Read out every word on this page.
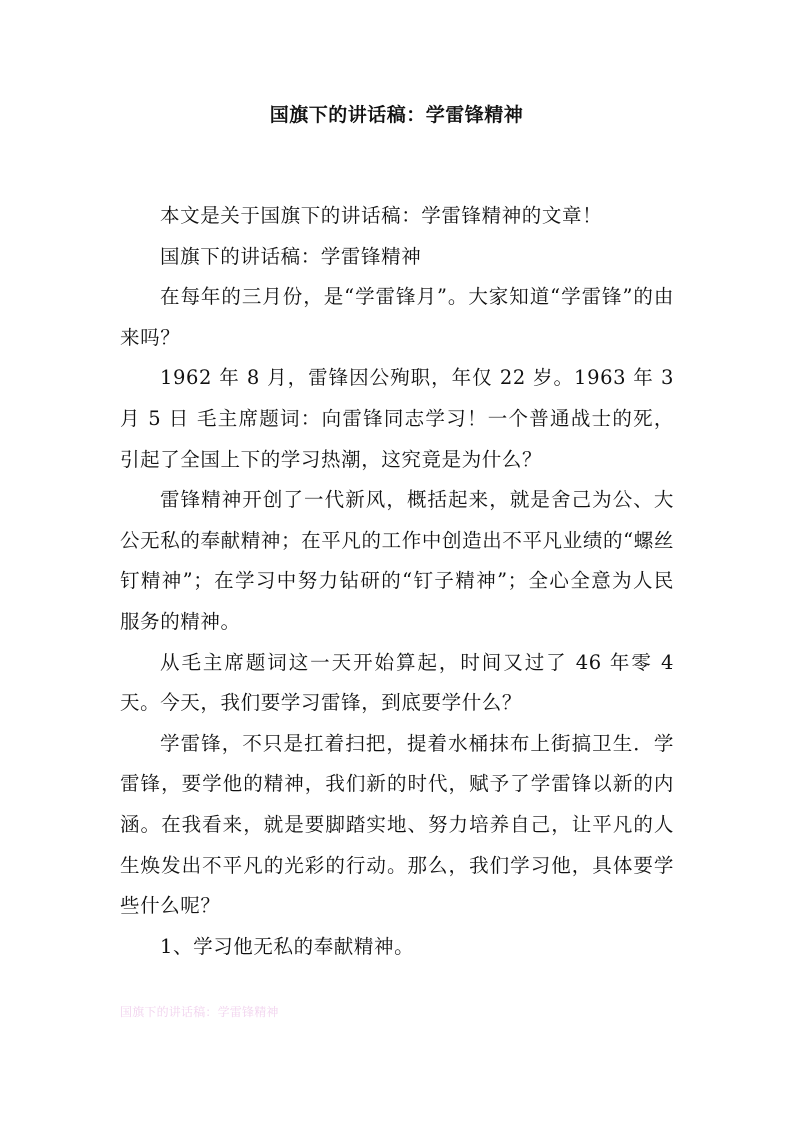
国旗下的讲话稿：学雷锋精神

本文是关于国旗下的讲话稿：学雷锋精神的文章！

国旗下的讲话稿：学雷锋精神

在每年的三月份，是“学雷锋月”。大家知道“学雷锋”的由来吗？

1962 年 8 月，雷锋因公殉职，年仅 22 岁。1963 年 3 月 5 日 毛主席题词：向雷锋同志学习！一个普通战士的死，引起了全国上下的学习热潮，这究竟是为什么？

雷锋精神开创了一代新风，概括起来，就是舍己为公、大公无私的奉献精神；在平凡的工作中创造出不平凡业绩的“螺丝钉精神”；在学习中努力钻研的“钉子精神”；全心全意为人民服务的精神。

从毛主席题词这一天开始算起，时间又过了 46 年零 4 天。今天，我们要学习雷锋，到底要学什么？

学雷锋，不只是扛着扫把，提着水桶抹布上街搞卫生．学雷锋，要学他的精神，我们新的时代，赋予了学雷锋以新的内涵。在我看来，就是要脚踏实地、努力培养自己，让平凡的人生焕发出不平凡的光彩的行动。那么，我们学习他，具体要学些什么呢？

1、学习他无私的奉献精神。

国旗下的讲话稿：学雷锋精神
